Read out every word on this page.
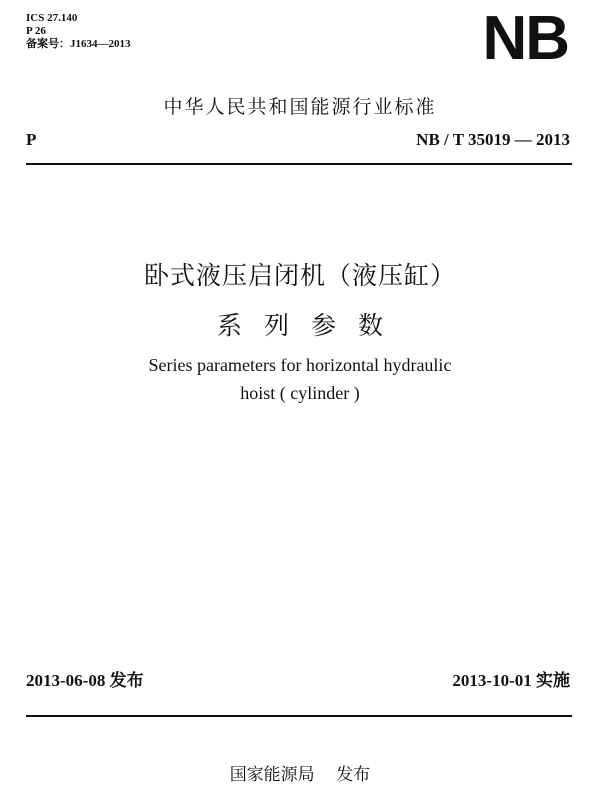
ICS 27.140
P 26
备案号：J1634—2013	NB
中华人民共和国能源行业标准
P	NB / T 35019 — 2013
卧式液压启闭机（液压缸）
系列参数
Series parameters for horizontal hydraulic
hoist ( cylinder )
2013-06-08 发布	2013-10-01 实施
国家能源局    发布
